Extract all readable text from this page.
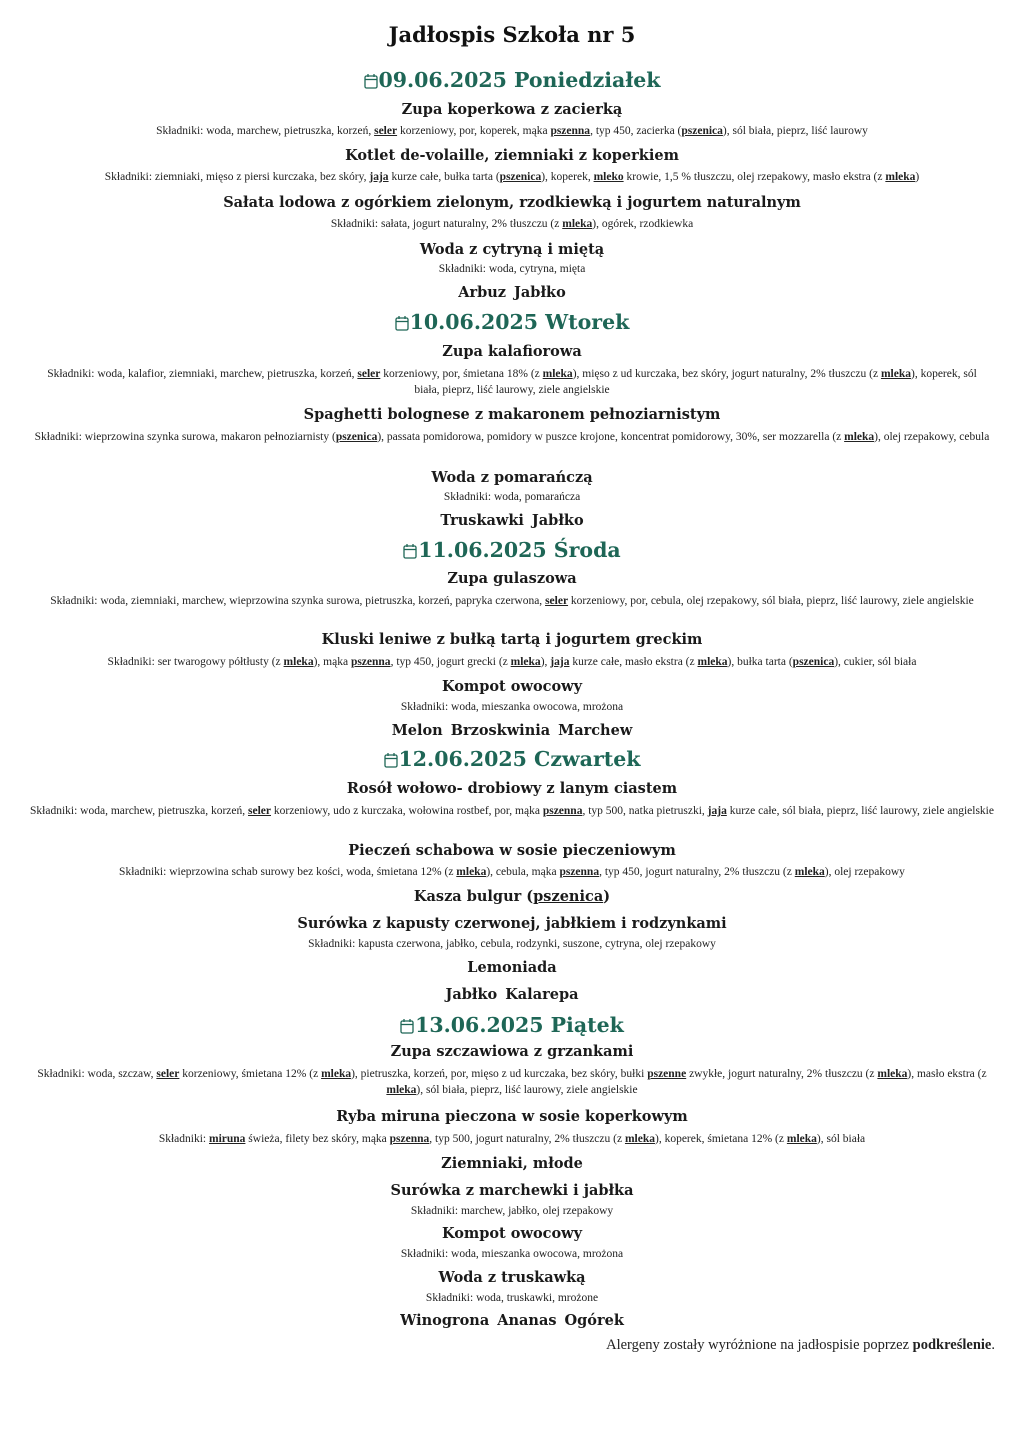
Jadłospis Szkoła nr 5
09.06.2025 Poniedziałek
Zupa koperkowa z zacierką
Składniki: woda, marchew, pietruszka, korzeń, seler korzeniowy, por, koperek, mąka pszenna, typ 450, zacierka (pszenica), sól biała, pieprz, liść laurowy
Kotlet de-volaille, ziemniaki z koperkiem
Składniki: ziemniaki, mięso z piersi kurczaka, bez skóry, jaja kurze całe, bułka tarta (pszenica), koperek, mleko krowie, 1,5 % tłuszczu, olej rzepakowy, masło ekstra (z mleka)
Sałata lodowa z ogórkiem zielonym, rzodkiewką i jogurtem naturalnym
Składniki: sałata, jogurt naturalny, 2% tłuszczu (z mleka), ogórek, rzodkiewka
Woda z cytryną i miętą
Składniki: woda, cytryna, mięta
Arbuz Jabłko
10.06.2025 Wtorek
Zupa kalafiorowa
Składniki: woda, kalafior, ziemniaki, marchew, pietruszka, korzeń, seler korzeniowy, por, śmietana 18% (z mleka), mięso z ud kurczaka, bez skóry, jogurt naturalny, 2% tłuszczu (z mleka), koperek, sól biała, pieprz, liść laurowy, ziele angielskie
Spaghetti bolognese z makaronem pełnoziarnistym
Składniki: wieprzowina szynka surowa, makaron pełnoziarnisty (pszenica), passata pomidorowa, pomidory w puszce krojone, koncentrat pomidorowy, 30%, ser mozzarella (z mleka), olej rzepakowy, cebula
Woda z pomarańczą
Składniki: woda, pomarańcza
Truskawki Jabłko
11.06.2025 Środa
Zupa gulaszowa
Składniki: woda, ziemniaki, marchew, wieprzowina szynka surowa, pietruszka, korzeń, papryka czerwona, seler korzeniowy, por, cebula, olej rzepakowy, sól biała, pieprz, liść laurowy, ziele angielskie
Kluski leniwe z bułką tartą i jogurtem greckim
Składniki: ser twarogowy półtłusty (z mleka), mąka pszenna, typ 450, jogurt grecki (z mleka), jaja kurze całe, masło ekstra (z mleka), bułka tarta (pszenica), cukier, sól biała
Kompot owocowy
Składniki: woda, mieszanka owocowa, mrożona
Melon Brzoskwinia Marchew
12.06.2025 Czwartek
Rosół wołowo- drobiowy z lanym ciastem
Składniki: woda, marchew, pietruszka, korzeń, seler korzeniowy, udo z kurczaka, wołowina rostbef, por, mąka pszenna, typ 500, natka pietruszki, jaja kurze całe, sól biała, pieprz, liść laurowy, ziele angielskie
Pieczeń schabowa w sosie pieczeniowym
Składniki: wieprzowina schab surowy bez kości, woda, śmietana 12% (z mleka), cebula, mąka pszenna, typ 450, jogurt naturalny, 2% tłuszczu (z mleka), olej rzepakowy
Kasza bulgur (pszenica)
Surówka z kapusty czerwonej, jabłkiem i rodzynkami
Składniki: kapusta czerwona, jabłko, cebula, rodzynki, suszone, cytryna, olej rzepakowy
Lemoniada
Jabłko Kalarepa
13.06.2025 Piątek
Zupa szczawiowa z grzankami
Składniki: woda, szczaw, seler korzeniowy, śmietana 12% (z mleka), pietruszka, korzeń, por, mięso z ud kurczaka, bez skóry, bułki pszenne zwykłe, jogurt naturalny, 2% tłuszczu (z mleka), masło ekstra (z mleka), sól biała, pieprz, liść laurowy, ziele angielskie
Ryba miruna pieczona w sosie koperkowym
Składniki: miruna świeża, filety bez skóry, mąka pszenna, typ 500, jogurt naturalny, 2% tłuszczu (z mleka), koperek, śmietana 12% (z mleka), sól biała
Ziemniaki, młode
Surówka z marchewki i jabłka
Składniki: marchew, jabłko, olej rzepakowy
Kompot owocowy
Składniki: woda, mieszanka owocowa, mrożona
Woda z truskawką
Składniki: woda, truskawki, mrożone
Winogrona Ananas Ogórek
Alergeny zostały wyróżnione na jadłospisie poprzez podkreślenie.
